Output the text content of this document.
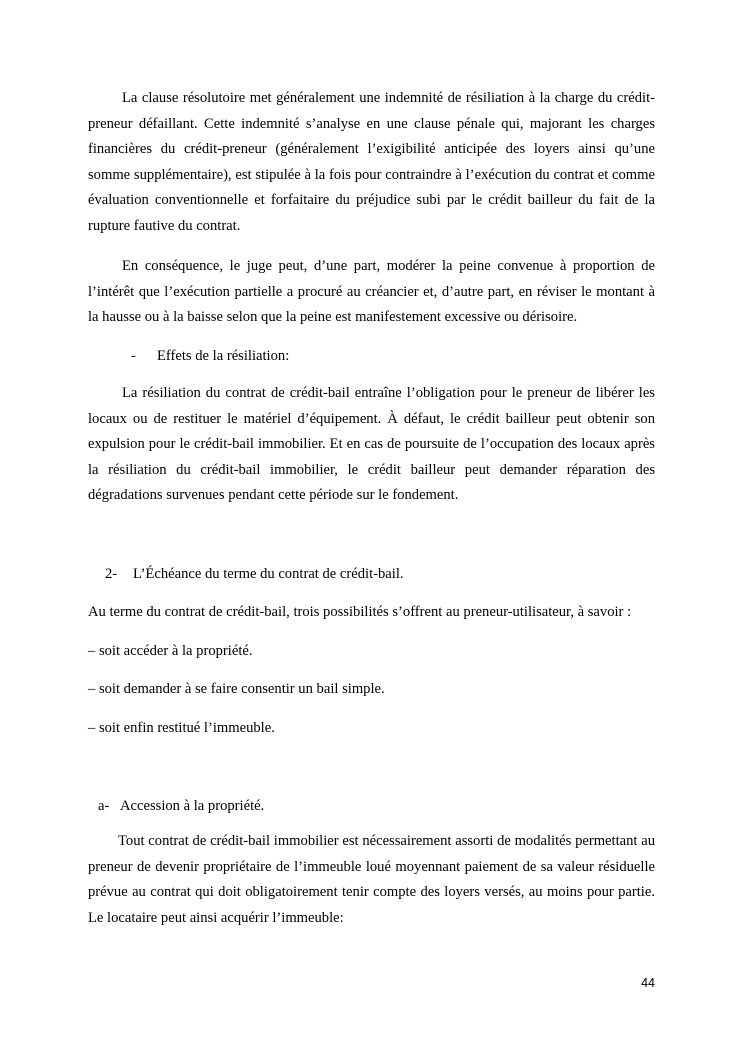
La clause résolutoire met généralement une indemnité de résiliation à la charge du crédit-preneur défaillant. Cette indemnité s’analyse en une clause pénale qui, majorant les charges financières du crédit-preneur (généralement l’exigibilité anticipée des loyers ainsi qu’une somme supplémentaire), est stipulée à la fois pour contraindre à l’exécution du contrat et comme évaluation conventionnelle et forfaitaire du préjudice subi par le crédit bailleur du fait de la rupture fautive du contrat.

En conséquence, le juge peut, d’une part, modérer la peine convenue à proportion de l’intérêt que l’exécution partielle a procuré au créancier et, d’autre part, en réviser le montant à la hausse ou à la baisse selon que la peine est manifestement excessive ou dérisoire.

- Effets de la résiliation:

La résiliation du contrat de crédit-bail entraîne l’obligation pour le preneur de libérer les locaux ou de restituer le matériel d’équipement. À défaut, le crédit bailleur peut obtenir son expulsion pour le crédit-bail immobilier. Et en cas de poursuite de l’occupation des locaux après la résiliation du crédit-bail immobilier, le crédit bailleur peut demander réparation des dégradations survenues pendant cette période sur le fondement.

2- L’Échéance du terme du contrat de crédit-bail.
Au terme du contrat de crédit-bail, trois possibilités s’offrent au preneur-utilisateur, à savoir :
– soit accéder à la propriété.
– soit demander à se faire consentir un bail simple.
– soit enfin restitué l’immeuble.
a- Accession à la propriété.

Tout contrat de crédit-bail immobilier est nécessairement assorti de modalités permettant au preneur de devenir propriétaire de l’immeuble loué moyennant paiement de sa valeur résiduelle prévue au contrat qui doit obligatoirement tenir compte des loyers versés, au moins pour partie. Le locataire peut ainsi acquérir l’immeuble:

44
